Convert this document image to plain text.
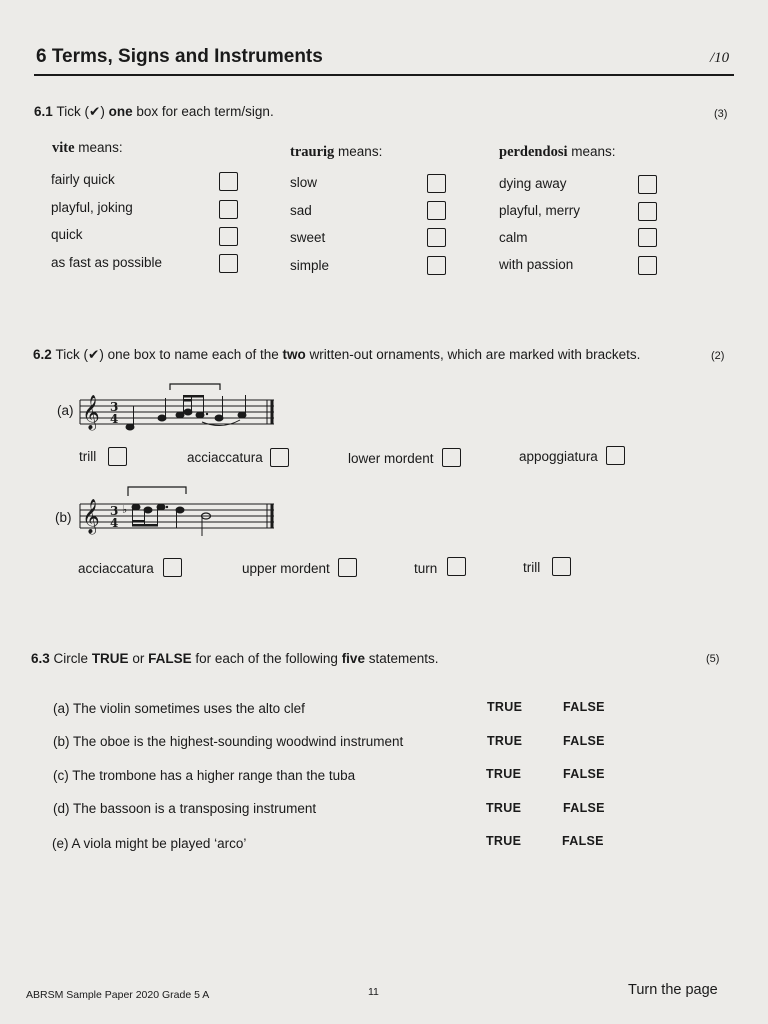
6 Terms, Signs and Instruments	/10
6.1 Tick (✔) one box for each term/sign.	(3)
vite means:
fairly quick
playful, joking
quick
as fast as possible
traurig means:
slow
sad
sweet
simple
perdendosi means:
dying away
playful, merry
calm
with passion
6.2 Tick (✔) one box to name each of the two written-out ornaments, which are marked with brackets.	(2)
(a) 𝄞 3
4
trill	acciaccatura	lower mordent	appoggiatura
(b) 𝄞 3
4
♭
acciaccatura	upper mordent	turn	trill
6.3 Circle TRUE or FALSE for each of the following five statements.	(5)
(a) The violin sometimes uses the alto clef	TRUE	FALSE
(b) The oboe is the highest-sounding woodwind instrument	TRUE	FALSE
(c) The trombone has a higher range than the tuba	TRUE	FALSE
(d) The bassoon is a transposing instrument	TRUE	FALSE
(e) A viola might be played ‘arco’	TRUE	FALSE
ABRSM Sample Paper 2020 Grade 5 A	11	Turn the page
